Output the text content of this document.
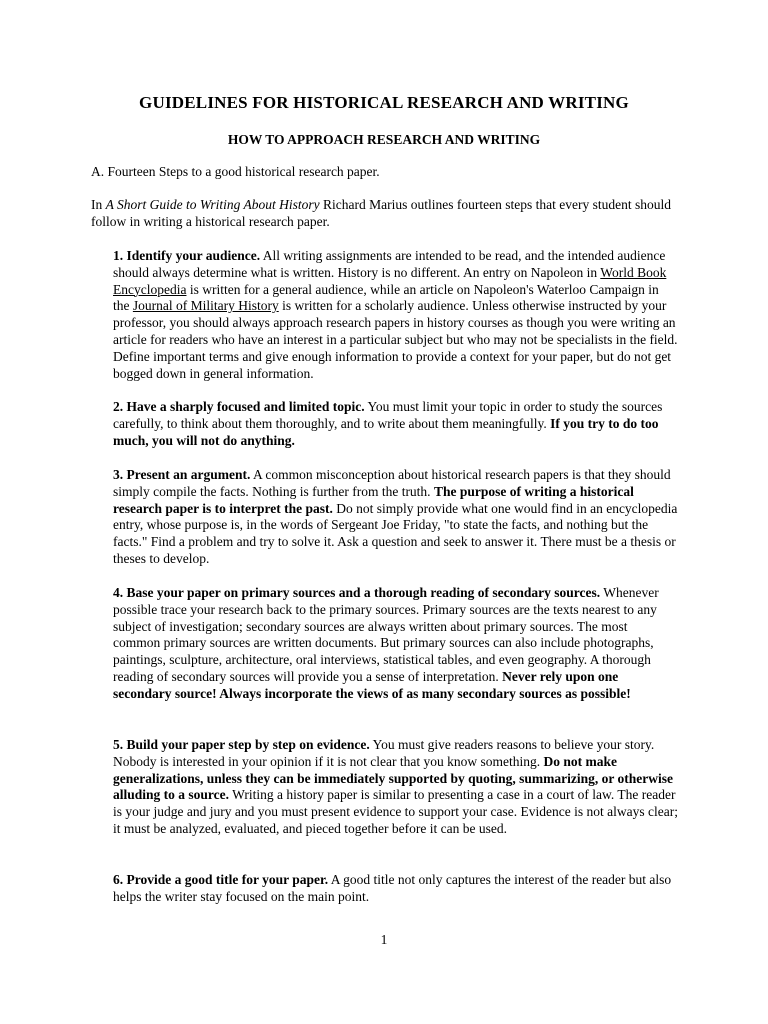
GUIDELINES FOR HISTORICAL RESEARCH AND WRITING
HOW TO APPROACH RESEARCH AND WRITING

A. Fourteen Steps to a good historical research paper.

In A Short Guide to Writing About History Richard Marius outlines fourteen steps that every student should follow in writing a historical research paper.

1. Identify your audience. All writing assignments are intended to be read, and the intended audience should always determine what is written. History is no different. An entry on Napoleon in World Book Encyclopedia is written for a general audience, while an article on Napoleon's Waterloo Campaign in the Journal of Military History is written for a scholarly audience. Unless otherwise instructed by your professor, you should always approach research papers in history courses as though you were writing an article for readers who have an interest in a particular subject but who may not be specialists in the field. Define important terms and give enough information to provide a context for your paper, but do not get bogged down in general information.

2. Have a sharply focused and limited topic. You must limit your topic in order to study the sources carefully, to think about them thoroughly, and to write about them meaningfully. If you try to do too much, you will not do anything.

3. Present an argument. A common misconception about historical research papers is that they should simply compile the facts. Nothing is further from the truth. The purpose of writing a historical research paper is to interpret the past. Do not simply provide what one would find in an encyclopedia entry, whose purpose is, in the words of Sergeant Joe Friday, "to state the facts, and nothing but the facts." Find a problem and try to solve it. Ask a question and seek to answer it. There must be a thesis or theses to develop.

4. Base your paper on primary sources and a thorough reading of secondary sources. Whenever possible trace your research back to the primary sources. Primary sources are the texts nearest to any subject of investigation; secondary sources are always written about primary sources. The most common primary sources are written documents. But primary sources can also include photographs, paintings, sculpture, architecture, oral interviews, statistical tables, and even geography. A thorough reading of secondary sources will provide you a sense of interpretation. Never rely upon one secondary source! Always incorporate the views of as many secondary sources as possible!

5. Build your paper step by step on evidence. You must give readers reasons to believe your story. Nobody is interested in your opinion if it is not clear that you know something. Do not make generalizations, unless they can be immediately supported by quoting, summarizing, or otherwise alluding to a source. Writing a history paper is similar to presenting a case in a court of law. The reader is your judge and jury and you must present evidence to support your case. Evidence is not always clear; it must be analyzed, evaluated, and pieced together before it can be used.

6. Provide a good title for your paper. A good title not only captures the interest of the reader but also helps the writer stay focused on the main point.

1
